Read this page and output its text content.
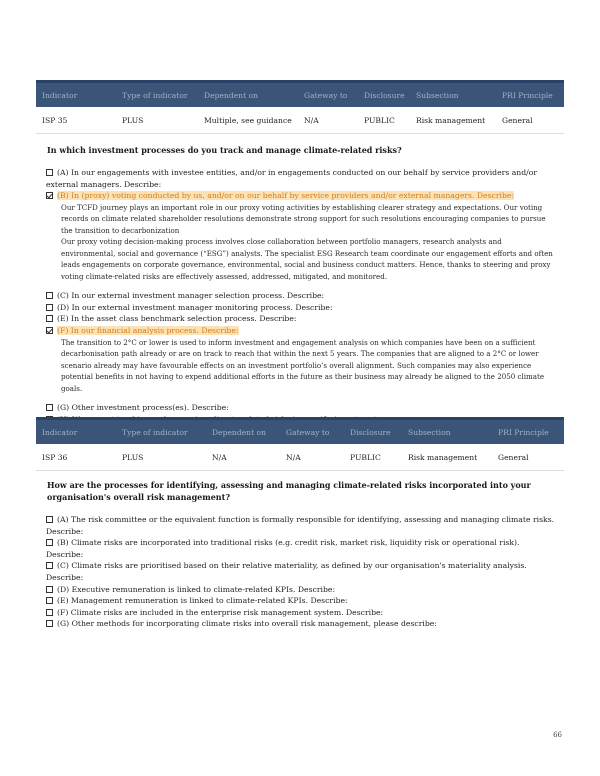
Indicator	Type of indicator	Dependent on	Gateway to	Disclosure	Subsection	PRI Principle
ISP 35	PLUS	Multiple, see guidance	N/A	PUBLIC	Risk management	General
In which investment processes do you track and manage climate-related risks?
(A) In our engagements with investee entities, and/or in engagements conducted on our behalf by service providers and/or external managers. Describe:
(B) In (proxy) voting conducted by us, and/or on our behalf by service providers and/or external managers. Describe:
Our TCFD journey plays an important role in our proxy voting activities by establishing clearer strategy and expectations. Our voting records on climate related shareholder resolutions demonstrate strong support for such resolutions encouraging companies to pursue the transition to decarbonization
Our proxy voting decision-making process involves close collaboration between portfolio managers, research analysts and environmental, social and governance (“ESG”) analysts. The specialist ESG Research team coordinate our engagement efforts and often leads engagements on corporate governance, environmental, social and business conduct matters. Hence, thanks to steering and proxy voting climate-related risks are effectively assessed, addressed, mitigated, and monitored.
(C) In our external investment manager selection process. Describe:
(D) In our external investment manager monitoring process. Describe:
(E) In the asset class benchmark selection process. Describe:
(F) In our financial analysis process. Describe:
The transition to 2°C or lower is used to inform investment and engagement analysis on which companies have been on a sufficient decarbonisation path already or are on track to reach that within the next 5 years. The companies that are aligned to a 2°C or lower scenario already may have favourable effects on an investment portfolio’s overall alignment. Such companies may also experience potential benefits in not having to expend additional efforts in the future as their business may already be aligned to the 2050 climate goals.
(G) Other investment process(es). Describe:
(H) We are not tracking and managing climate-related risks in specific investment processes
Indicator	Type of indicator	Dependent on	Gateway to	Disclosure	Subsection	PRI Principle
ISP 36	PLUS	N/A	N/A	PUBLIC	Risk management	General
How are the processes for identifying, assessing and managing climate-related risks incorporated into your organisation's overall risk management?
(A) The risk committee or the equivalent function is formally responsible for identifying, assessing and managing climate risks. Describe:
(B) Climate risks are incorporated into traditional risks (e.g. credit risk, market risk, liquidity risk or operational risk). Describe:
(C) Climate risks are prioritised based on their relative materiality, as defined by our organisation's materiality analysis. Describe:
(D) Executive remuneration is linked to climate-related KPIs. Describe:
(E) Management remuneration is linked to climate-related KPIs. Describe:
(F) Climate risks are included in the enterprise risk management system. Describe:
(G) Other methods for incorporating climate risks into overall risk management, please describe:
66
